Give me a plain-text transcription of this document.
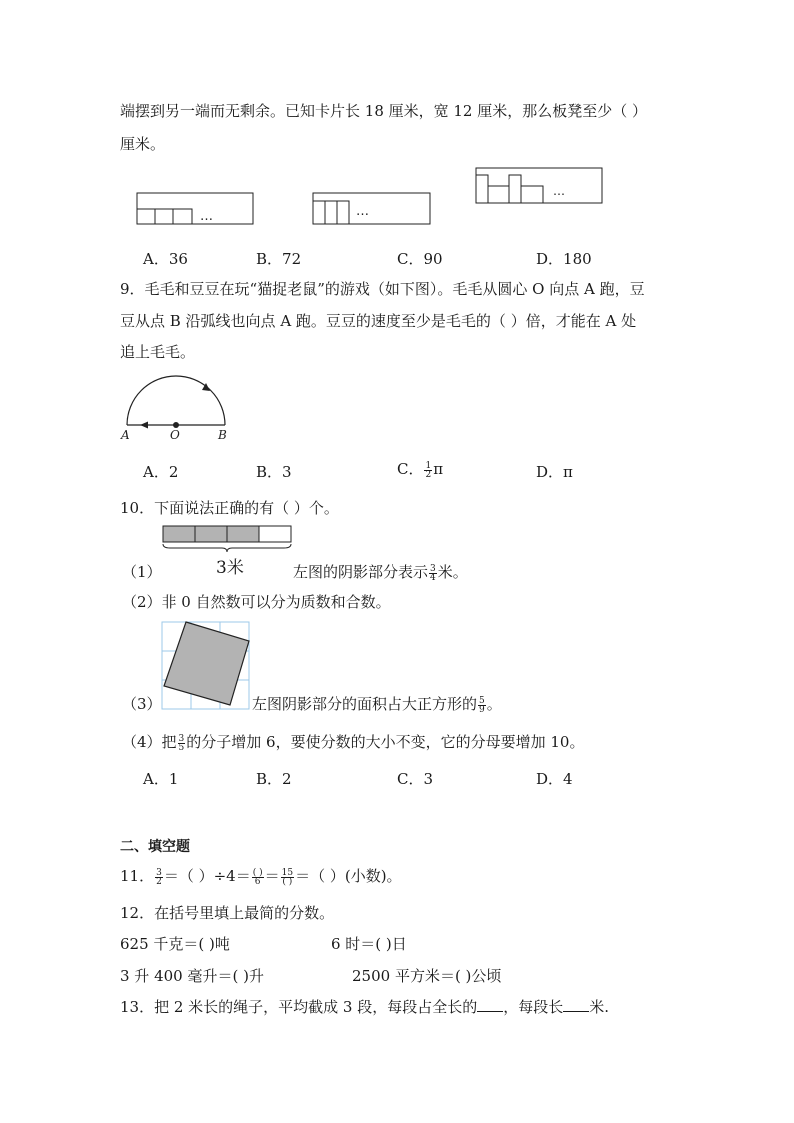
端摆到另一端而无剩余。已知卡片长 18 厘米，宽 12 厘米，那么板凳至少（ ）
厘米。
…	…
…
A．36	B．72	C．90	D．180
9．毛毛和豆豆在玩“猫捉老鼠”的游戏（如下图）。毛毛从圆心 O 向点 A 跑，豆
豆从点 B 沿弧线也向点 A 跑。豆豆的速度至少是毛毛的（ ）倍，才能在 A 处
追上毛毛。
A	O	B
A．2	B．3	C． $\frac{1}{2}$ π	D．π
10．下面说法正确的有（ ）个。
3米
（1）	左图的阴影部分表示 $\frac{3}{4}$ 米。
（2）非 0 自然数可以分为质数和合数。
（3）	左图阴影部分的面积占大正方形的 $\frac{5}{9}$ 。
（4）把 $\frac{3}{5}$ 的分子增加 6，要使分数的大小不变，它的分母要增加 10。
A．1	B．2	C．3	D．4
二、填空题
11． $\frac{3}{2}$ ＝（ ）$\div 4= \frac{( )}{6} = \frac{15}{( )}$ ＝（ ）(小数)。
12．在括号里填上最简的分数。
625 千克＝( )吨	6 时＝( )日
3 升 400 毫升＝( )升	2500 平方米＝( )公顷
13．把 2 米长的绳子，平均截成 3 段，每段占全长的 ，每段长 米.
